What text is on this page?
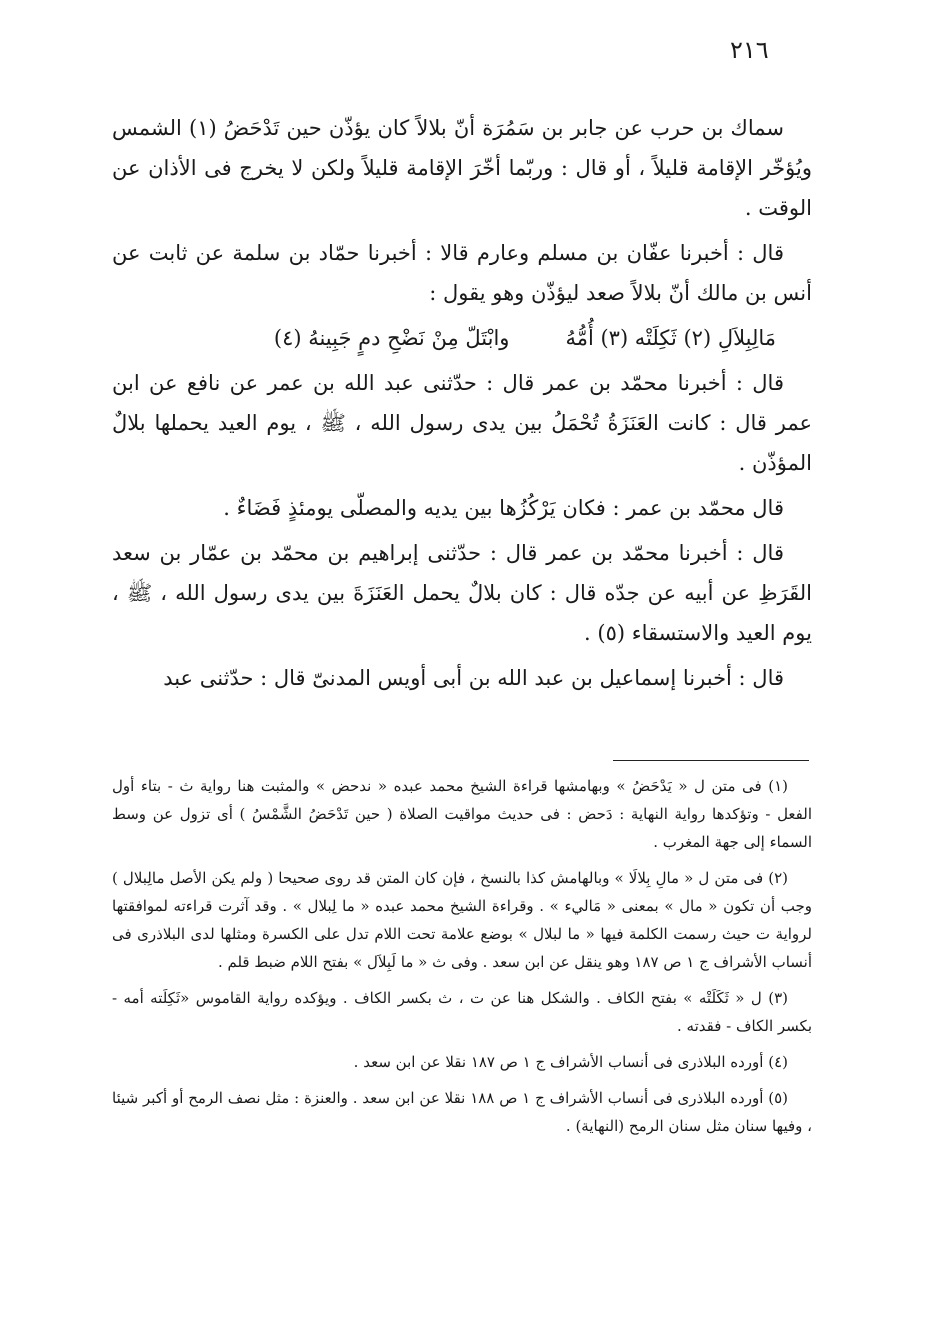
٢١٦

سماك بن حرب عن جابر بن سَمُرَة أنّ بلالاً كان يؤذّن حين تَدْحَضُ (١) الشمس ويُؤخّر الإقامة قليلاً ، أو قال : وربّما أخّرَ الإقامة قليلاً ولكن لا يخرج فى الأذان عن الوقت .

قال : أخبرنا عفّان بن مسلم وعارم قالا : أخبرنا حمّاد بن سلمة عن ثابت عن أنس بن مالك أنّ بلالاً صعد ليؤذّن وهو يقول :

مَالِبِلاَلِ (٢) ثَكِلَتْه (٣) أُمُّهُ
وابْتَلّ مِنْ نَضْحِ دمٍ جَبِينهُ (٤)

قال : أخبرنا محمّد بن عمر قال : حدّثنى عبد الله بن عمر عن نافع عن ابن عمر قال : كانت العَنَزَةُ تُحْمَلُ بين يدى رسول الله ، ﷺ ، يوم العيد يحملها بلالٌ المؤذّن .

قال محمّد بن عمر : فكان يَرْكُزُها بين يديه والمصلّى يومئذٍ فَضَاءٌ .

قال : أخبرنا محمّد بن عمر قال : حدّثنى إبراهيم بن محمّد بن عمّار بن سعد القَرَظِ عن أبيه عن جدّه قال : كان بلالٌ يحمل العَنَزَةَ بين يدى رسول الله ، ﷺ ، يوم العيد والاستسقاء (٥) .

قال : أخبرنا إسماعيل بن عبد الله بن أبى أويس المدنىّ قال : حدّثنى عبد

(١) فى متن ل « يَدْحَضُ » وبهامشها قراءة الشيخ محمد عبده « ندحض » والمثبت هنا رواية ث - بتاء أول الفعل - وتؤكدها رواية النهاية : دَحض : فى حديث مواقيت الصلاة ( حين تَدْحَضُ الشَّمْسُ ) أى تزول عن وسط السماء إلى جهة المغرب .

(٢) فى متن ل « مالِ بِلالَا » وبالهامش كذا بالنسخ ، فإن كان المتن قد روى صحيحا ( ولم يكن الأصل مالِبلال ) وجب أن تكون « مال » بمعنى « مَاليء » . وقراءة الشيخ محمد عبده « ما لِبلال » . وقد آثرت قراءته لموافقتها لرواية ت حيث رسمت الكلمة فيها « ما لبلال » بوضع علامة تحت اللام تدل على الكسرة ومثلها لدى البلاذرى فى أنساب الأشراف ج ١ ص ١٨٧ وهو ينقل عن ابن سعد . وفى ث « ما لَبِلاَل » بفتح اللام ضبط قلم .

(٣) ل « ثَكَلَتْه » بفتح الكاف . والشكل هنا عن ت ، ث بكسر الكاف . ويؤكده رواية القاموس «ثَكِلَته أمه - بكسر الكاف - فقدته .

(٤) أورده البلاذرى فى أنساب الأشراف ج ١ ص ١٨٧ نقلا عن ابن سعد .

(٥) أورده البلاذرى فى أنساب الأشراف ج ١ ص ١٨٨ نقلا عن ابن سعد . والعنزة : مثل نصف الرمح أو أكبر شيئا ، وفيها سنان مثل سنان الرمح (النهاية) .
